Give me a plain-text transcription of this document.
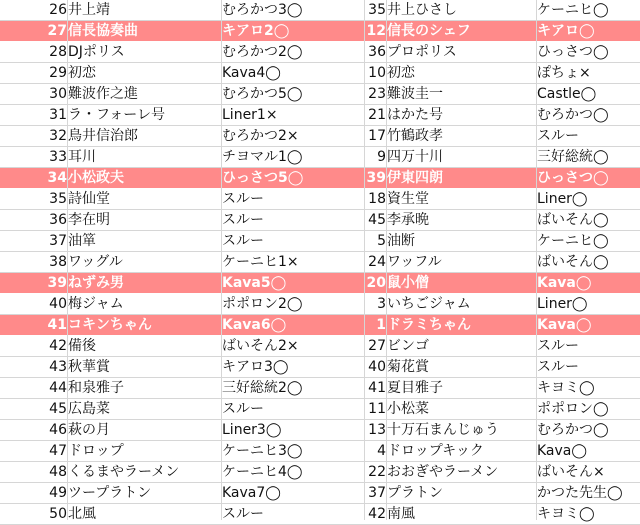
26 井上靖	むろかつ3◯	35 井上ひさし	ケーニヒ◯
27 信長協奏曲	キアロ2◯	12 信長のシェフ	キアロ◯
28 DJポリス	むろかつ2◯	36 プロポリス	ひっさつ◯
29 初恋	Kava4◯	10 初恋	ぽちょ×
30 難波作之進	むろかつ5◯	23 難波圭一	Castle◯
31 ラ・フォーレ号	Liner1×	21 はかた号	むろかつ◯
32 鳥井信治郎	むろかつ2×	17 竹鶴政孝	スルー
33 耳川	チヨマル1◯	9 四万十川	三好総統◯
34 小松政夫	ひっさつ5◯	39 伊東四朗	ひっさつ◯
35 詩仙堂	スルー	18 資生堂	Liner◯
36 李在明	スルー	45 李承晩	ばいそん◯
37 油箪	スルー	5 油断	ケーニヒ◯
38 ワッグル	ケーニヒ1×	24 ワッフル	ばいそん◯
39 ねずみ男	Kava5◯	20 鼠小僧	Kava◯
40 梅ジャム	ポポロン2◯	3 いちごジャム	Liner◯
41 コキンちゃん	Kava6◯	1 ドラミちゃん	Kava◯
42 備後	ばいそん2×	27 ビンゴ	スルー
43 秋華賞	キアロ3◯	40 菊花賞	スルー
44 和泉雅子	三好総統2◯	41 夏目雅子	キヨミ◯
45 広島菜	スルー	11 小松菜	ポポロン◯
46 萩の月	Liner3◯	13 十万石まんじゅう	むろかつ◯
47 ドロップ	ケーニヒ3◯	4 ドロップキック	Kava◯
48 くるまやラーメン	ケーニヒ4◯	22 おおぎやラーメン	ばいそん×
49 ツープラトン	Kava7◯	37 プラトン	かつた先生◯
50 北風	スルー	42 南風	キヨミ◯
